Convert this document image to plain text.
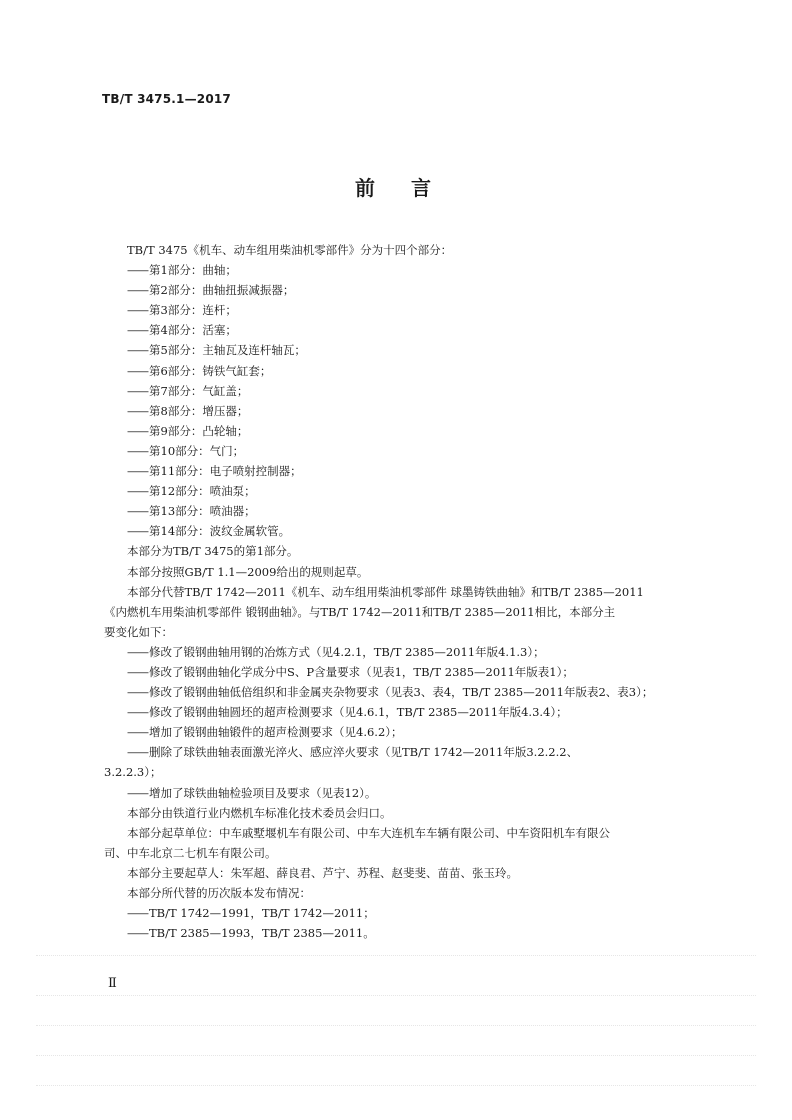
TB/T 3475.1—2017
前言
TB/T 3475《机车、动车组用柴油机零部件》分为十四个部分：
——第1部分：曲轴；
——第2部分：曲轴扭振减振器；
——第3部分：连杆；
——第4部分：活塞；
——第5部分：主轴瓦及连杆轴瓦；
——第6部分：铸铁气缸套；
——第7部分：气缸盖；
——第8部分：增压器；
——第9部分：凸轮轴；
——第10部分：气门；
——第11部分：电子喷射控制器；
——第12部分：喷油泵；
——第13部分：喷油器；
——第14部分：波纹金属软管。
本部分为TB/T 3475的第1部分。
本部分按照GB/T 1.1—2009给出的规则起草。
本部分代替TB/T 1742—2011《机车、动车组用柴油机零部件 球墨铸铁曲轴》和TB/T 2385—2011
《内燃机车用柴油机零部件 锻钢曲轴》。与TB/T 1742—2011和TB/T 2385—2011相比，本部分主
要变化如下：
——修改了锻钢曲轴用钢的冶炼方式（见4.2.1，TB/T 2385—2011年版4.1.3）；
——修改了锻钢曲轴化学成分中S、P含量要求（见表1，TB/T 2385—2011年版表1）；
——修改了锻钢曲轴低倍组织和非金属夹杂物要求（见表3、表4，TB/T 2385—2011年版表2、表3）；
——修改了锻钢曲轴圆坯的超声检测要求（见4.6.1，TB/T 2385—2011年版4.3.4）；
——增加了锻钢曲轴锻件的超声检测要求（见4.6.2）；
——删除了球铁曲轴表面激光淬火、感应淬火要求（见TB/T 1742—2011年版3.2.2.2、
3.2.2.3）；
——增加了球铁曲轴检验项目及要求（见表12）。
本部分由铁道行业内燃机车标准化技术委员会归口。
本部分起草单位：中车戚墅堰机车有限公司、中车大连机车车辆有限公司、中车资阳机车有限公
司、中车北京二七机车有限公司。
本部分主要起草人：朱军超、薛良君、芦宁、苏程、赵斐斐、苗苗、张玉玲。
本部分所代替的历次版本发布情况：
——TB/T 1742—1991，TB/T 1742—2011；
——TB/T 2385—1993，TB/T 2385—2011。
Ⅱ
